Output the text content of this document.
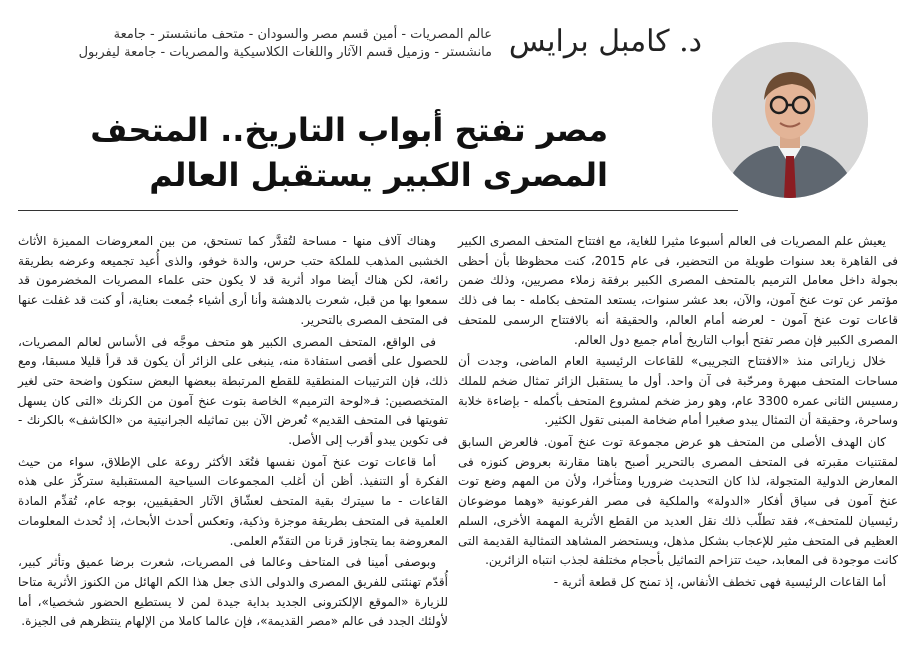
د. كامبل برايس
عالم المصريات - أمين قسم مصر والسودان - متحف مانشستر - جامعة
مانشستر - وزميل قسم الآثار واللغات الكلاسيكية والمصريات - جامعة ليفربول
مصر تفتح أبواب التاريخ.. المتحف
المصرى الكبير يستقبل العالم

يعيش علم المصريات فى العالم أسبوعا مثيرا للغاية، مع افتتاح المتحف المصرى الكبير فى القاهرة بعد سنوات طويلة من التحضير، فى عام 2015، كنت محظوظا بأن أحظى بجولة داخل معامل الترميم بالمتحف المصرى الكبير برفقة زملاء مصريين، وذلك ضمن مؤتمر عن توت عنخ آمون، والآن، بعد عشر سنوات، يستعد المتحف بكامله - بما فى ذلك قاعات توت عنخ آمون - لعرضه أمام العالم، والحقيقة أنه بالافتتاح الرسمى للمتحف المصرى الكبير فإن مصر تفتح أبواب التاريخ أمام جميع دول العالم.

خلال زياراتى منذ «الافتتاح التجريبى» للقاعات الرئيسية العام الماضى، وجدت أن مساحات المتحف مبهرة ومرحّبة فى آن واحد. أول ما يستقبل الزائر تمثال ضخم للملك رمسيس الثانى عمره 3300 عام، وهو رمز ضخم لمشروع المتحف بأكمله - بإضاءة خلابة وساحرة، وحقيقة أن التمثال يبدو صغيرا أمام ضخامة المبنى تقول الكثير.

كان الهدف الأصلى من المتحف هو عرض مجموعة توت عنخ آمون. فالعرض السابق لمقتنيات مقبرته فى المتحف المصرى بالتحرير أصبح باهتا مقارنة بعروض كنوزه فى المعارض الدولية المتجولة، لذا كان التحديث ضروريا ومتأخرا، ولأن من المهم وضع توت عنخ آمون فى سياق أفكار «الدولة» والملكية فى مصر الفرعونية «وهما موضوعان رئيسيان للمتحف»، فقد تطلّب ذلك نقل العديد من القطع الأثرية المهمة الأخرى، السلم العظيم فى المتحف مثير للإعجاب بشكل مذهل، ويستحضر المشاهد التمثالية القديمة التى كانت موجودة فى المعابد، حيث تتزاحم التماثيل بأحجام مختلفة لجذب انتباه الزائرين.

أما القاعات الرئيسية فهى تخطف الأنفاس، إذ تمنح كل قطعة أثرية -

وهناك آلاف منها - مساحة لتُقدَّر كما تستحق، من بين المعروضات المميزة الأثاث الخشبى المذهب للملكة حتب حرس، والدة خوفو، والذى أُعيد تجميعه وعرضه بطريقة رائعة، لكن هناك أيضا مواد أثرية قد لا يكون حتى علماء المصريات المخضرمون قد سمعوا بها من قبل، شعرت بالدهشة وأنا أرى أشياء جُمعت بعناية، أو كنت قد غفلت عنها فى المتحف المصرى بالتحرير.

فى الواقع، المتحف المصرى الكبير هو متحف موجَّه فى الأساس لعالم المصريات، للحصول على أقصى استفادة منه، ينبغى على الزائر أن يكون قد قرأ قليلا مسبقا، ومع ذلك، فإن الترتيبات المنطقية للقطع المرتبطة ببعضها البعض ستكون واضحة حتى لغير المتخصصين: فـ«لوحة الترميم» الخاصة بتوت عنخ آمون من الكرنك «التى كان يسهل تفويتها فى المتحف القديم» تُعرض الآن بين تماثيله الجرانيتية من «الكاشف» بالكرنك - فى تكوين يبدو أقرب إلى الأصل.

أما قاعات توت عنخ آمون نفسها فتُعَد الأكثر روعة على الإطلاق، سواء من حيث الفكرة أو التنفيذ. أظن أن أغلب المجموعات السياحية المستقبلية ستركّز على هذه القاعات - ما سيترك بقية المتحف لعشّاق الآثار الحقيقيين، بوجه عام، تُقدِّم المادة العلمية فى المتحف بطريقة موجزة وذكية، وتعكس أحدث الأبحاث، إذ تُحدث المعلومات المعروضة بما يتجاوز قرنا من التقدّم العلمى.

وبوصفى أمينا فى المتاحف وعالما فى المصريات، شعرت برضا عميق وتأثر كبير، أُقدّم تهنئتى للفريق المصرى والدولى الذى جعل هذا الكم الهائل من الكنوز الأثرية متاحا للزيارة «الموقع الإلكترونى الجديد بداية جيدة لمن لا يستطيع الحضور شخصيا»، أما لأولئك الجدد فى عالم «مصر القديمة»، فإن عالما كاملا من الإلهام ينتظرهم فى الجيزة.
